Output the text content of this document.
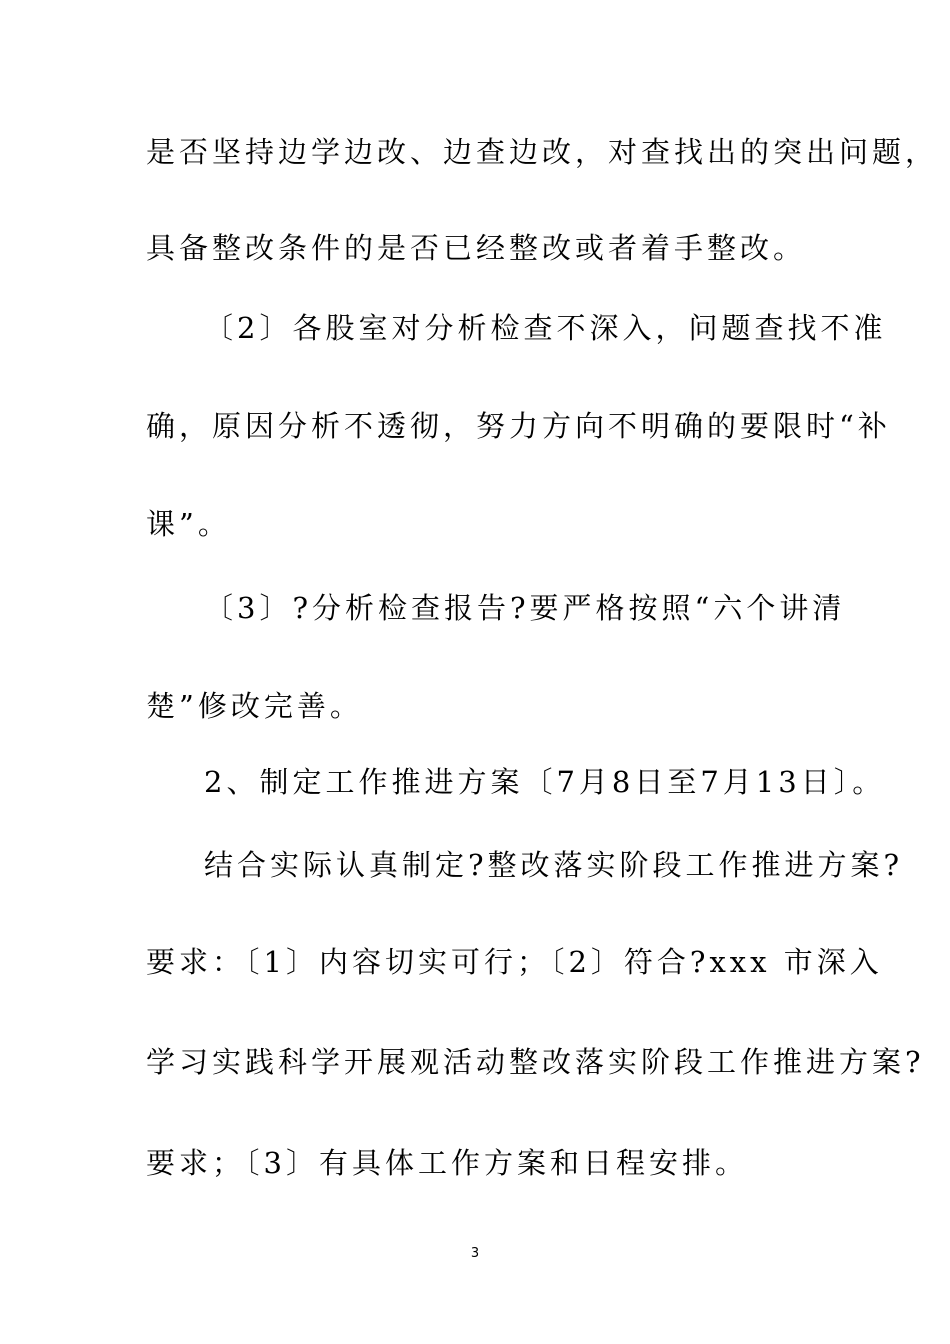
是否坚持边学边改、边查边改，对查找出的突出问题，
具备整改条件的是否已经整改或者着手整改。
〔2〕各股室对分析检查不深入，问题查找不准
确，原因分析不透彻，努力方向不明确的要限时“补
课”。
〔3〕?分析检查报告?要严格按照“六个讲清
楚”修改完善。
2、制定工作推进方案〔7月8日至7月13日〕。
结合实际认真制定?整改落实阶段工作推进方案?
要求：〔1〕内容切实可行；〔2〕符合?xxx 市深入
学习实践科学开展观活动整改落实阶段工作推进方案?
要求；〔3〕有具体工作方案和日程安排。
3
